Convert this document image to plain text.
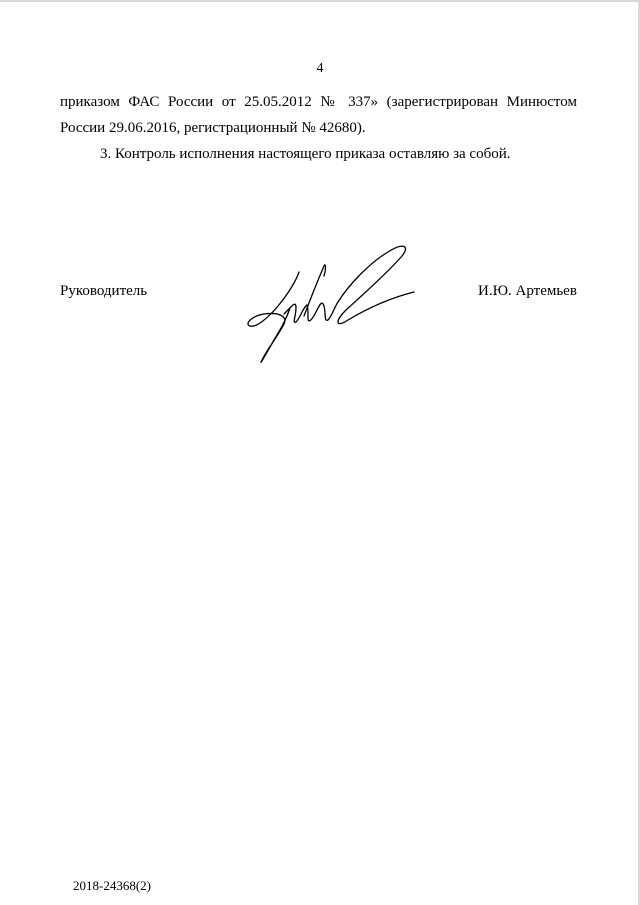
4
приказом ФАС России от 25.05.2012 № 337» (зарегистрирован Минюстом
России 29.06.2016, регистрационный № 42680).
3. Контроль исполнения настоящего приказа оставляю за собой.
Руководитель	И.Ю. Артемьев
2018-24368(2)
